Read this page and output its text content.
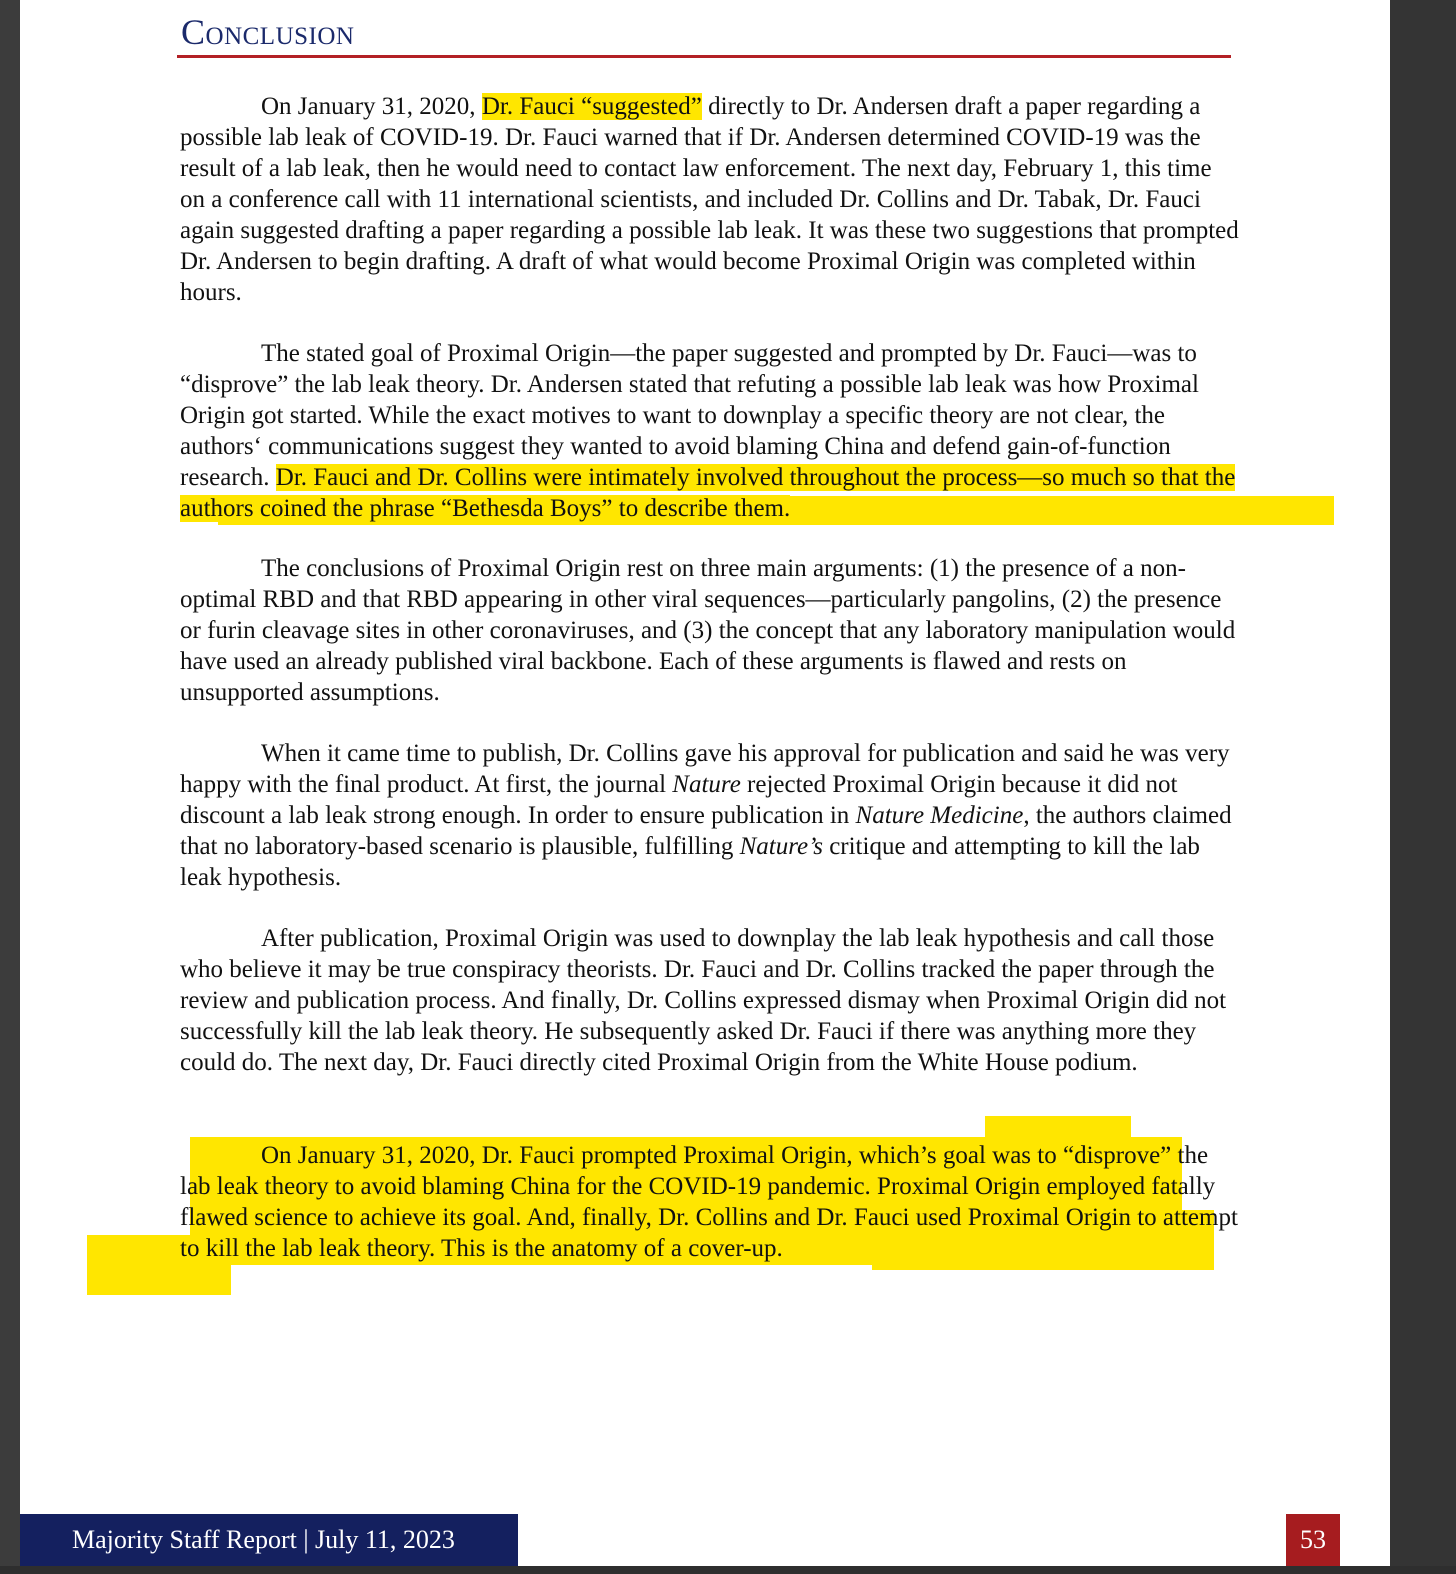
Conclusion

On January 31, 2020, Dr. Fauci “suggested” directly to Dr. Andersen draft a paper regarding a possible lab leak of COVID-19. Dr. Fauci warned that if Dr. Andersen determined COVID-19 was the result of a lab leak, then he would need to contact law enforcement. The next day, February 1, this time on a conference call with 11 international scientists, and included Dr. Collins and Dr. Tabak, Dr. Fauci again suggested drafting a paper regarding a possible lab leak. It was these two suggestions that prompted Dr. Andersen to begin drafting. A draft of what would become Proximal Origin was completed within hours.

The stated goal of Proximal Origin—the paper suggested and prompted by Dr. Fauci—was to “disprove” the lab leak theory. Dr. Andersen stated that refuting a possible lab leak was how Proximal Origin got started. While the exact motives to want to downplay a specific theory are not clear, the authors‘ communications suggest they wanted to avoid blaming China and defend gain-of-function research. Dr. Fauci and Dr. Collins were intimately involved throughout the process—so much so that the authors coined the phrase “Bethesda Boys” to describe them.

The conclusions of Proximal Origin rest on three main arguments: (1) the presence of a non-optimal RBD and that RBD appearing in other viral sequences—particularly pangolins, (2) the presence or furin cleavage sites in other coronaviruses, and (3) the concept that any laboratory manipulation would have used an already published viral backbone. Each of these arguments is flawed and rests on unsupported assumptions.

When it came time to publish, Dr. Collins gave his approval for publication and said he was very happy with the final product. At first, the journal Nature rejected Proximal Origin because it did not discount a lab leak strong enough. In order to ensure publication in Nature Medicine, the authors claimed that no laboratory-based scenario is plausible, fulfilling Nature’s critique and attempting to kill the lab leak hypothesis.

After publication, Proximal Origin was used to downplay the lab leak hypothesis and call those who believe it may be true conspiracy theorists. Dr. Fauci and Dr. Collins tracked the paper through the review and publication process. And finally, Dr. Collins expressed dismay when Proximal Origin did not successfully kill the lab leak theory. He subsequently asked Dr. Fauci if there was anything more they could do. The next day, Dr. Fauci directly cited Proximal Origin from the White House podium.

On January 31, 2020, Dr. Fauci prompted Proximal Origin, which’s goal was to “disprove” the lab leak theory to avoid blaming China for the COVID-19 pandemic. Proximal Origin employed fatally flawed science to achieve its goal. And, finally, Dr. Collins and Dr. Fauci used Proximal Origin to attempt to kill the lab leak theory. This is the anatomy of a cover-up.

Majority Staff Report | July 11, 2023	53
